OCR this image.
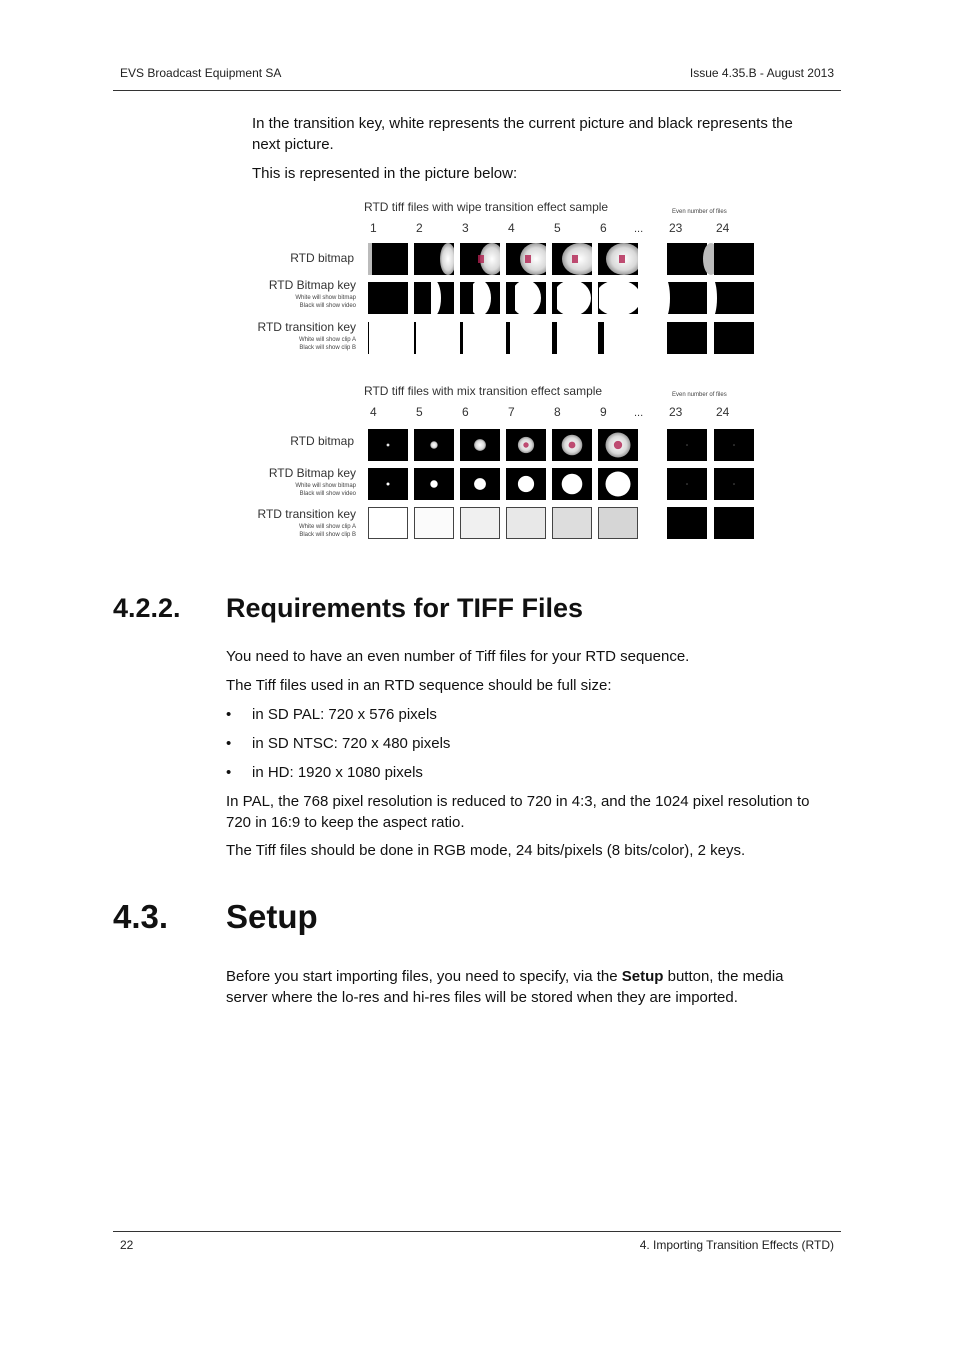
EVS Broadcast Equipment SA	Issue 4.35.B - August 2013

In the transition key, white represents the current picture and black represents the next picture.

This is represented in the picture below:

RTD tiff files with wipe transition effect sample	Even number of files
1	2	3	4	5	6	23	24
...
RTD bitmap
RTD Bitmap key
White will show bitmap
Black will show video
RTD transition key
White will show clip A
Black will show clip B
RTD tiff files with mix transition effect sample	Even number of files
4	5	6	7	8	9	23	24
...
RTD bitmap
RTD Bitmap key
White will show bitmap
Black will show video
RTD transition key
White will show clip A
Black will show clip B
4.2.2. Requirements for TIFF Files

You need to have an even number of Tiff files for your RTD sequence.

The Tiff files used in an RTD sequence should be full size:

•	in SD PAL: 720 x 576 pixels
•	in SD NTSC: 720 x 480 pixels
•	in HD: 1920 x 1080 pixels

In PAL, the 768 pixel resolution is reduced to 720 in 4:3, and the 1024 pixel resolution to 720 in 16:9 to keep the aspect ratio.

The Tiff files should be done in RGB mode, 24 bits/pixels (8 bits/color), 2 keys.

4.3. Setup

Before you start importing files, you need to specify, via the Setup button, the media server where the lo-res and hi-res files will be stored when they are imported.

22	4. Importing Transition Effects (RTD)
